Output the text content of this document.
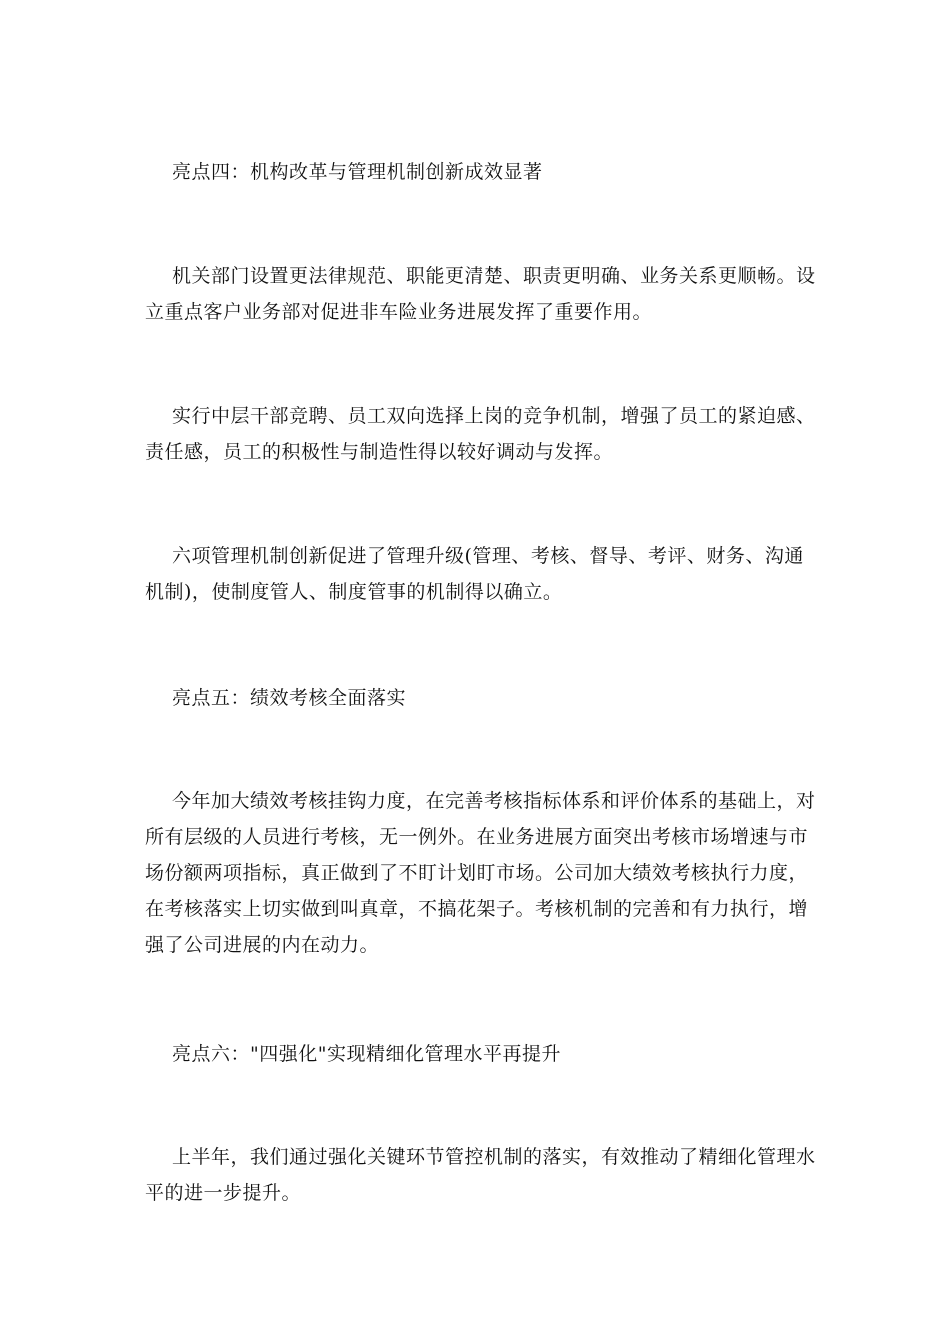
亮点四：机构改革与管理机制创新成效显著
机关部门设置更法律规范、职能更清楚、职责更明确、业务关系更顺畅。设
立重点客户业务部对促进非车险业务进展发挥了重要作用。
实行中层干部竞聘、员工双向选择上岗的竞争机制，增强了员工的紧迫感、
责任感，员工的积极性与制造性得以较好调动与发挥。
六项管理机制创新促进了管理升级(管理、考核、督导、考评、财务、沟通
机制)，使制度管人、制度管事的机制得以确立。
亮点五：绩效考核全面落实
今年加大绩效考核挂钩力度，在完善考核指标体系和评价体系的基础上，对
所有层级的人员进行考核，无一例外。在业务进展方面突出考核市场增速与市
场份额两项指标，真正做到了不盯计划盯市场。公司加大绩效考核执行力度，
在考核落实上切实做到叫真章，不搞花架子。考核机制的完善和有力执行，增
强了公司进展的内在动力。
亮点六："四强化"实现精细化管理水平再提升
上半年，我们通过强化关键环节管控机制的落实，有效推动了精细化管理水
平的进一步提升。
